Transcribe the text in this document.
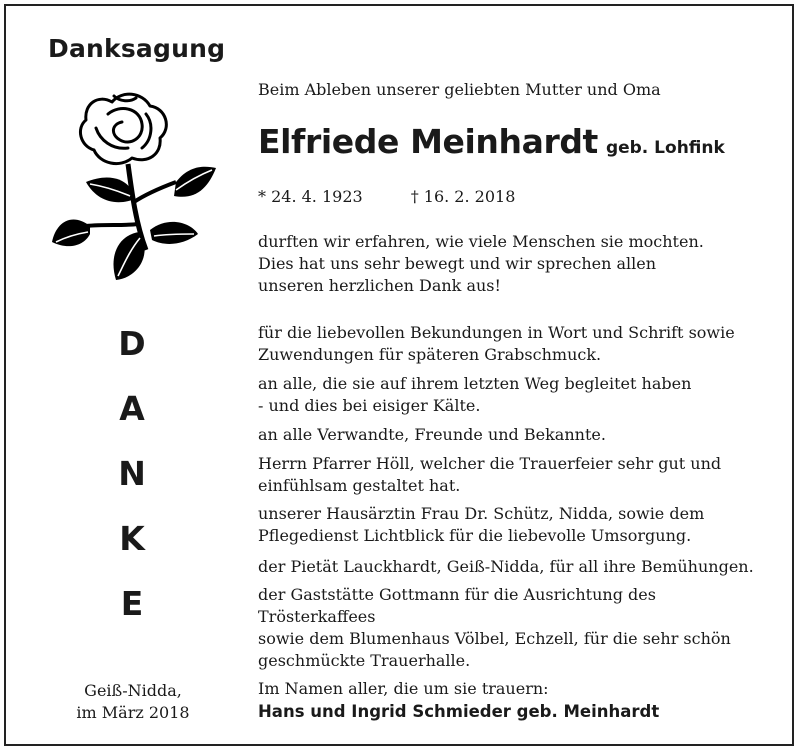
Danksagung
D
A
N
K
E
Geiß-Nidda,
im März 2018
Beim Ableben unserer geliebten Mutter und Oma
Elfriede Meinhardt geb. Lohfink
* 24. 4. 1923	† 16. 2. 2018
durften wir erfahren, wie viele Menschen sie mochten.
Dies hat uns sehr bewegt und wir sprechen allen
unseren herzlichen Dank aus!
für die liebevollen Bekundungen in Wort und Schrift sowie
Zuwendungen für späteren Grabschmuck.
an alle, die sie auf ihrem letzten Weg begleitet haben
- und dies bei eisiger Kälte.
an alle Verwandte, Freunde und Bekannte.
Herrn Pfarrer Höll, welcher die Trauerfeier sehr gut und
einfühlsam gestaltet hat.
unserer Hausärztin Frau Dr. Schütz, Nidda, sowie dem
Pflegedienst Lichtblick für die liebevolle Umsorgung.
der Pietät Lauckhardt, Geiß-Nidda, für all ihre Bemühungen.
der Gaststätte Gottmann für die Ausrichtung des Trösterkaffees
sowie dem Blumenhaus Völbel, Echzell, für die sehr schön
geschmückte Trauerhalle.
Im Namen aller, die um sie trauern:
Hans und Ingrid Schmieder geb. Meinhardt
